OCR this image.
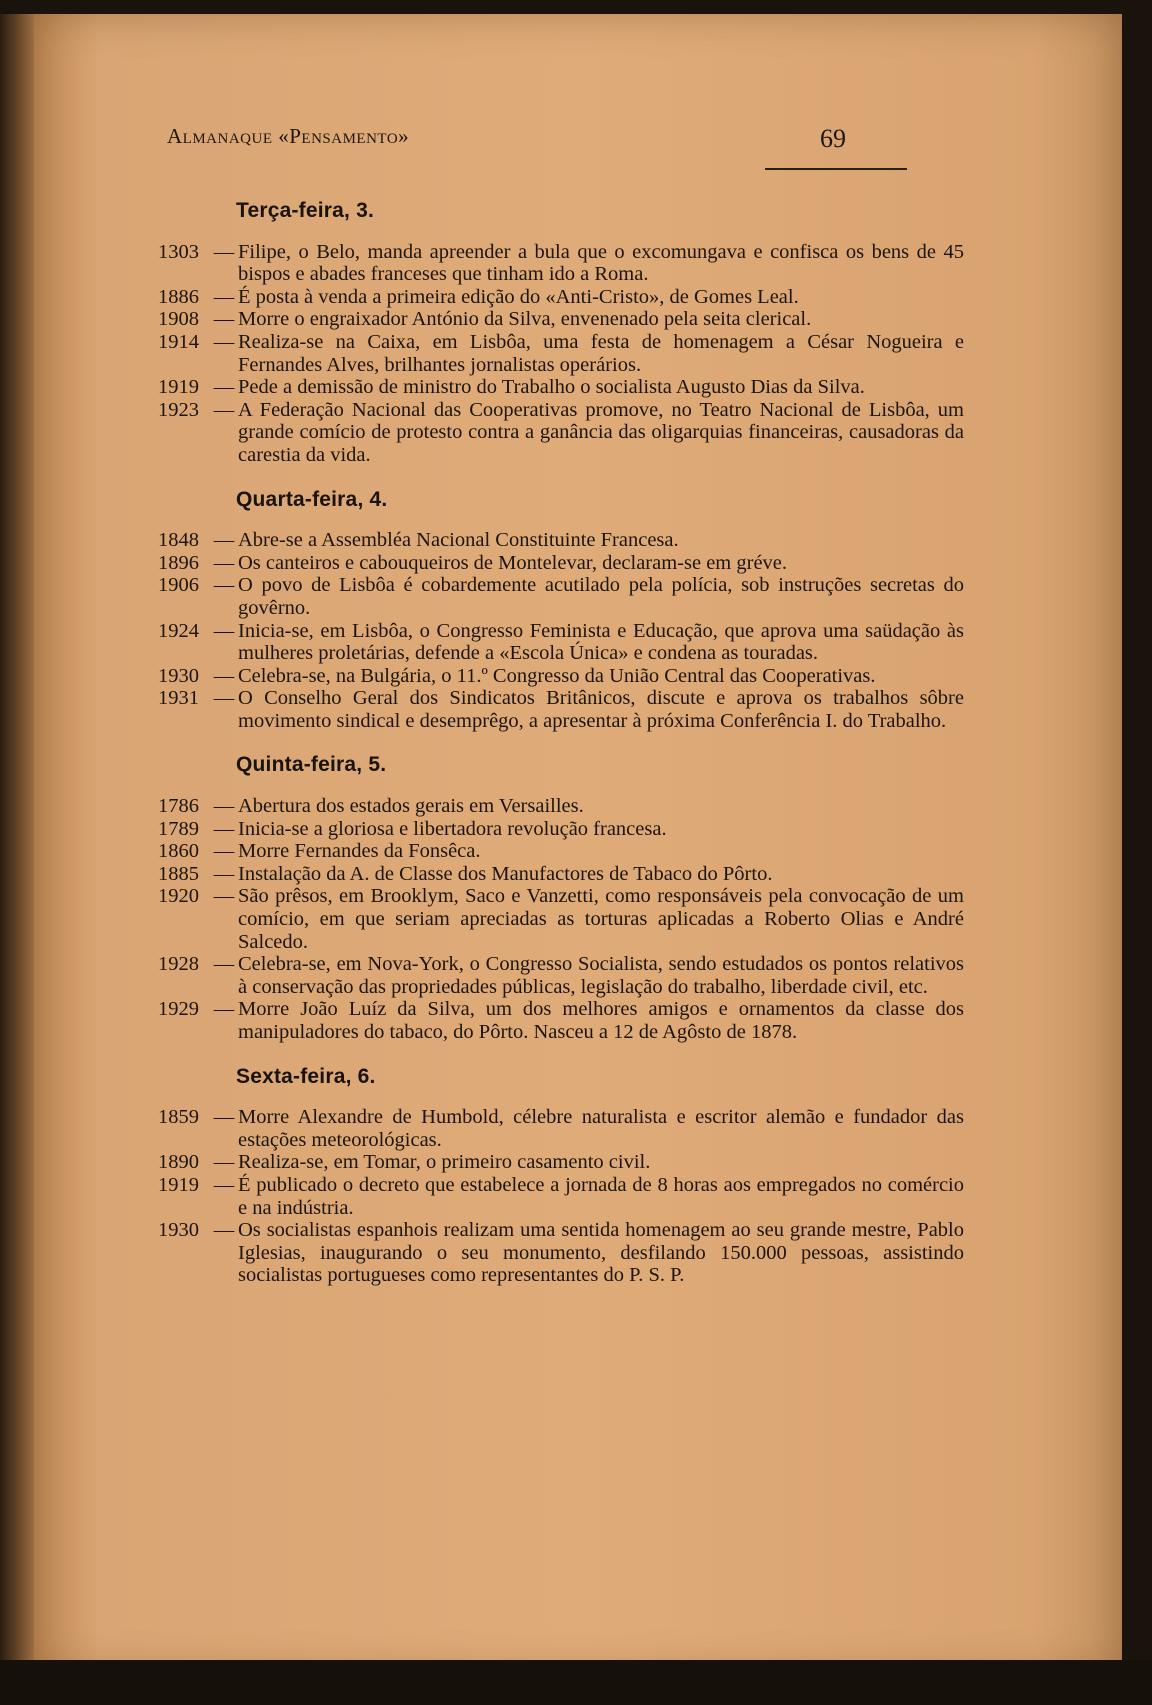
Almanaque «Pensamento»	69
Terça-feira, 3.
1303 — Filipe, o Belo, manda apreender a bula que o excomungava e confisca os bens de 45 bispos e abades franceses que tinham ido a Roma.
1886 — É posta à venda a primeira edição do «Anti-Cristo», de Gomes Leal.
1908 — Morre o engraixador António da Silva, envenenado pela seita clerical.
1914 — Realiza-se na Caixa, em Lisbôa, uma festa de homenagem a César Nogueira e Fernandes Alves, brilhantes jornalistas operários.
1919 — Pede a demissão de ministro do Trabalho o socialista Augusto Dias da Silva.
1923 — A Federação Nacional das Cooperativas promove, no Teatro Nacional de Lisbôa, um grande comício de protesto contra a ganância das oligarquias financeiras, causadoras da carestia da vida.
Quarta-feira, 4.
1848 — Abre-se a Assembléa Nacional Constituinte Francesa.
1896 — Os canteiros e cabouqueiros de Montelevar, declaram-se em gréve.
1906 — O povo de Lisbôa é cobardemente acutilado pela polícia, sob instruções secretas do govêrno.
1924 — Inicia-se, em Lisbôa, o Congresso Feminista e Educação, que aprova uma saüdação às mulheres proletárias, defende a «Escola Única» e condena as touradas.
1930 — Celebra-se, na Bulgária, o 11.º Congresso da União Central das Cooperativas.
1931 — O Conselho Geral dos Sindicatos Britânicos, discute e aprova os trabalhos sôbre movimento sindical e desemprêgo, a apresentar à próxima Conferência I. do Trabalho.
Quinta-feira, 5.
1786 — Abertura dos estados gerais em Versailles.
1789 — Inicia-se a gloriosa e libertadora revolução francesa.
1860 — Morre Fernandes da Fonsêca.
1885 — Instalação da A. de Classe dos Manufactores de Tabaco do Pôrto.
1920 — São prêsos, em Brooklym, Saco e Vanzetti, como responsáveis pela convocação de um comício, em que seriam apreciadas as torturas aplicadas a Roberto Olias e André Salcedo.
1928 — Celebra-se, em Nova-York, o Congresso Socialista, sendo estudados os pontos relativos à conservação das propriedades públicas, legislação do trabalho, liberdade civil, etc.
1929 — Morre João Luíz da Silva, um dos melhores amigos e ornamentos da classe dos manipuladores do tabaco, do Pôrto. Nasceu a 12 de Agôsto de 1878.
Sexta-feira, 6.
1859 — Morre Alexandre de Humbold, célebre naturalista e escritor alemão e fundador das estações meteorológicas.
1890 — Realiza-se, em Tomar, o primeiro casamento civil.
1919 — É publicado o decreto que estabelece a jornada de 8 horas aos empregados no comércio e na indústria.
1930 — Os socialistas espanhois realizam uma sentida homenagem ao seu grande mestre, Pablo Iglesias, inaugurando o seu monumento, desfilando 150.000 pessoas, assistindo socialistas portugueses como representantes do P. S. P.
